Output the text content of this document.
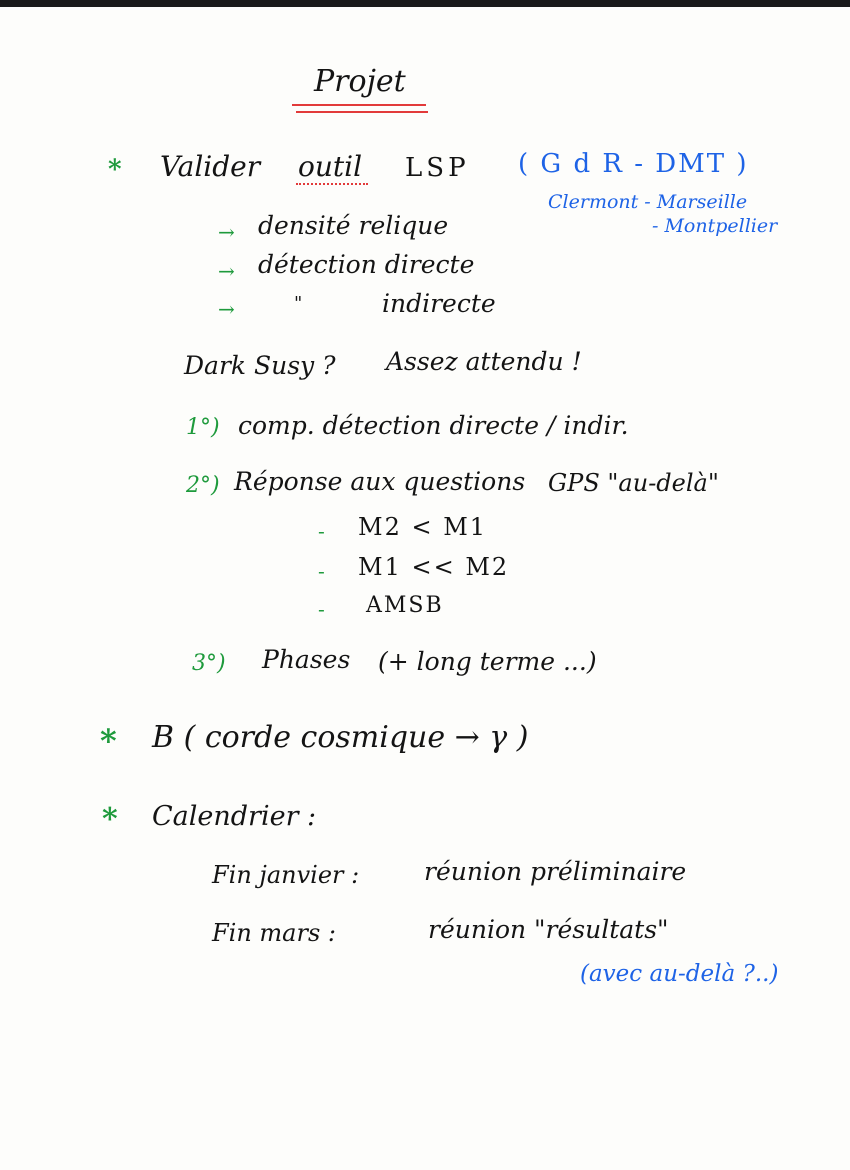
Projet
* Valider outil LSP ( G d R - DMT )
Clermont - Marseille
- Montpellier
→ densité relique
→ détection directe
→	"	indirecte
Dark Susy ? Assez attendu !
1°) comp. détection directe / indir.
2°) Réponse aux questions GPS "au-delà"
- M2 < M1
- M1 << M2
- AMSB
3°) Phases (+ long terme ...)
* B ( corde cosmique → γ )
* Calendrier :
Fin janvier :	réunion préliminaire
Fin mars :	réunion "résultats"
(avec au-delà ?..)
